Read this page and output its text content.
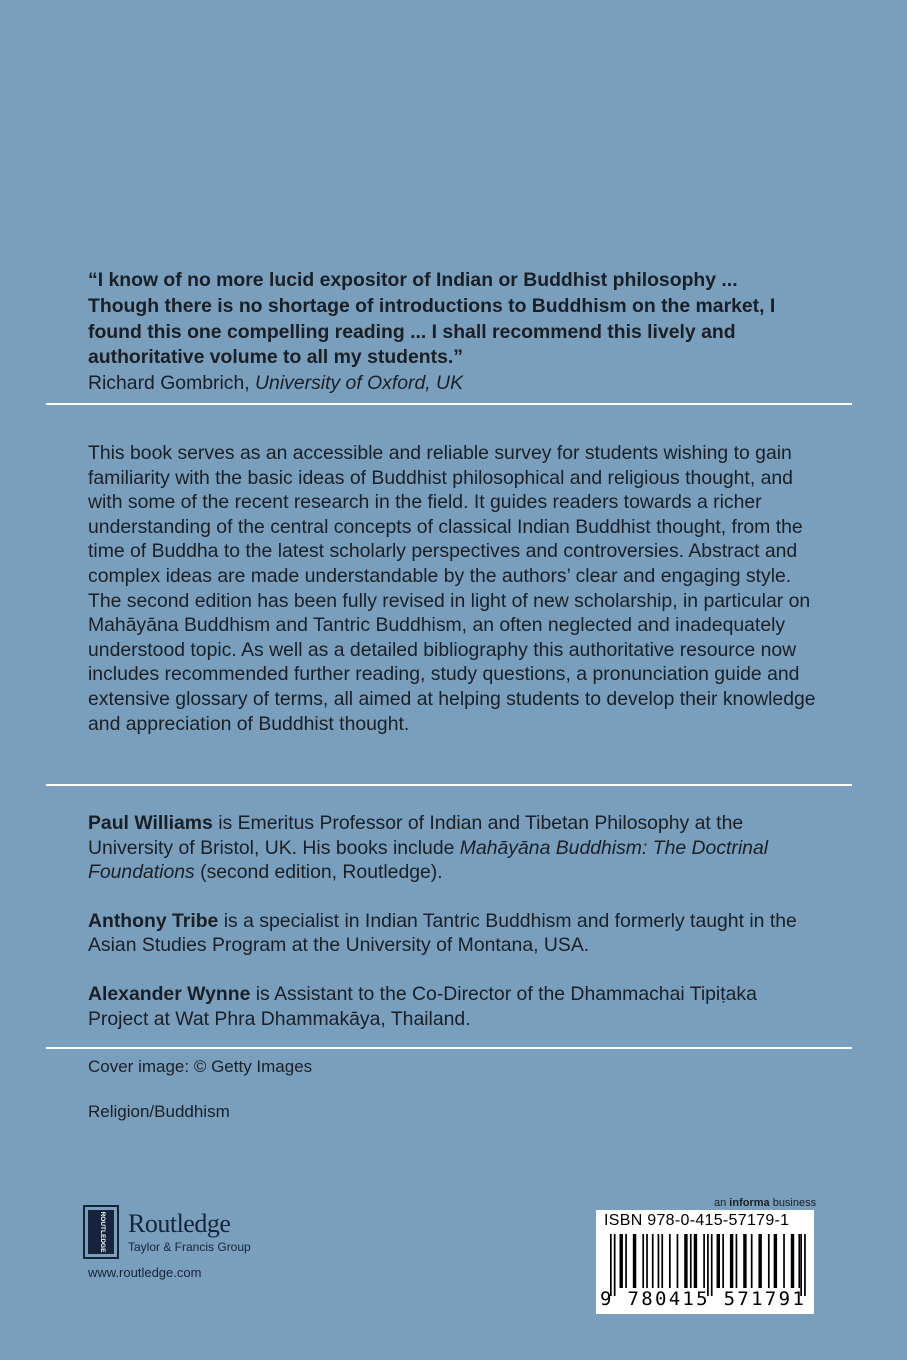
“I know of no more lucid expositor of Indian or Buddhist philosophy ... Though there is no shortage of introductions to Buddhism on the market, I found this one compelling reading ... I shall recommend this lively and authoritative volume to all my students.”

Richard Gombrich, University of Oxford, UK

This book serves as an accessible and reliable survey for students wishing to gain familiarity with the basic ideas of Buddhist philosophical and religious thought, and with some of the recent research in the field. It guides readers towards a richer understanding of the central concepts of classical Indian Buddhist thought, from the time of Buddha to the latest scholarly perspectives and controversies. Abstract and complex ideas are made understandable by the authors’ clear and engaging style. The second edition has been fully revised in light of new scholarship, in particular on Mahāyāna Buddhism and Tantric Buddhism, an often neglected and inadequately understood topic. As well as a detailed bibliography this authoritative resource now includes recommended further reading, study questions, a pronunciation guide and extensive glossary of terms, all aimed at helping students to develop their knowledge and appreciation of Buddhist thought.

Paul Williams is Emeritus Professor of Indian and Tibetan Philosophy at the University of Bristol, UK. His books include Mahāyāna Buddhism: The Doctrinal Foundations (second edition, Routledge).

Anthony Tribe is a specialist in Indian Tantric Buddhism and formerly taught in the Asian Studies Program at the University of Montana, USA.

Alexander Wynne is Assistant to the Co-Director of the Dhammachai Tipiṭaka Project at Wat Phra Dhammakāya, Thailand.

Cover image: © Getty Images
Religion/Buddhism
ROUTLEDGE Routledge
Taylor & Francis Group
www.routledge.com
an informa business
ISBN 978-0-415-57179-1
9 780415 571791
